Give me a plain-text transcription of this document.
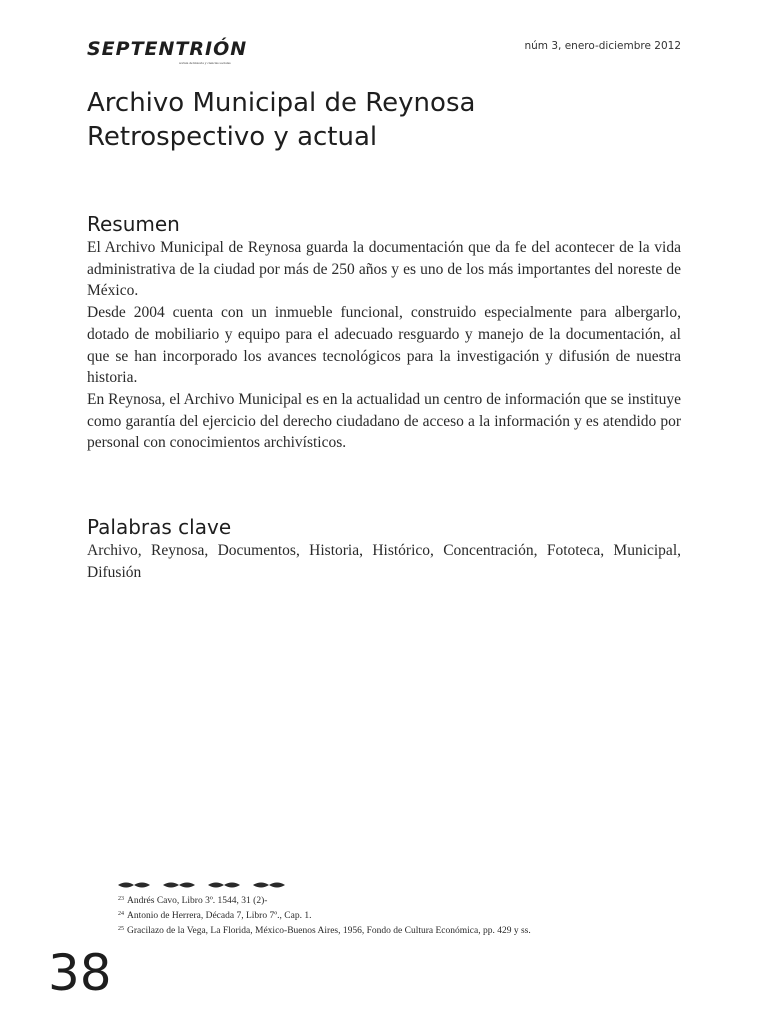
SEPTENTRIÓN
revista de historia y ciencias sociales
núm 3, enero-diciembre 2012
Archivo Municipal de Reynosa
Retrospectivo y actual
Resumen

El Archivo Municipal de Reynosa guarda la documentación que da fe del acontecer de la vida administrativa de la ciudad por más de 250 años y es uno de los más importantes del noreste de México.

Desde 2004 cuenta con un inmueble funcional, construido especialmente para albergarlo, dotado de mobiliario y equipo para el adecuado resguardo y manejo de la documentación, al que se han incorporado los avances tecnológicos para la investigación y difusión de nuestra historia.

En Reynosa, el Archivo Municipal es en la actualidad un centro de información que se instituye como garantía del ejercicio del derecho ciudadano de acceso a la información y es atendido por personal con conocimientos archivísticos.

Palabras clave
Archivo, Reynosa, Documentos, Historia, Histórico, Concentración, Fototeca, Municipal, Difusión
$^{23}$ Andrés Cavo, Libro 3º. 1544, 31 (2)-
$^{24}$ Antonio de Herrera, Década 7, Libro 7º., Cap. 1.
$^{25}$ Gracilazo de la Vega, La Florida, México-Buenos Aires, 1956, Fondo de Cultura Económica, pp. 429 y ss.
38
